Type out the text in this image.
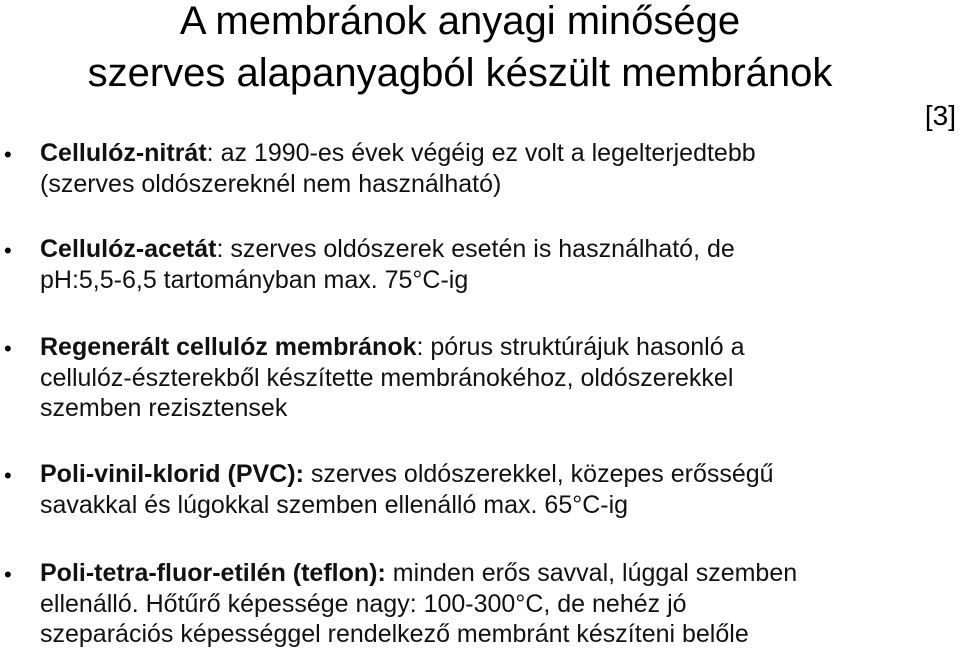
A membránok anyagi minősége
szerves alapanyagból készült membránok
[3]
• Cellulóz-nitrát: az 1990-es évek végéig ez volt a legelterjedtebb
(szerves oldószereknél nem használható)
• Cellulóz-acetát: szerves oldószerek esetén is használható, de
pH:5,5-6,5 tartományban max. 75°C-ig
• Regenerált cellulóz membránok: pórus struktúrájuk hasonló a
cellulóz-észterekből készítette membránokéhoz, oldószerekkel
szemben rezisztensek
• Poli-vinil-klorid (PVC): szerves oldószerekkel, közepes erősségű
savakkal és lúgokkal szemben ellenálló max. 65°C-ig
• Poli-tetra-fluor-etilén (teflon): minden erős savval, lúggal szemben
ellenálló. Hőtűrő képessége nagy: 100-300°C, de nehéz jó
szeparációs képességgel rendelkező membránt készíteni belőle
